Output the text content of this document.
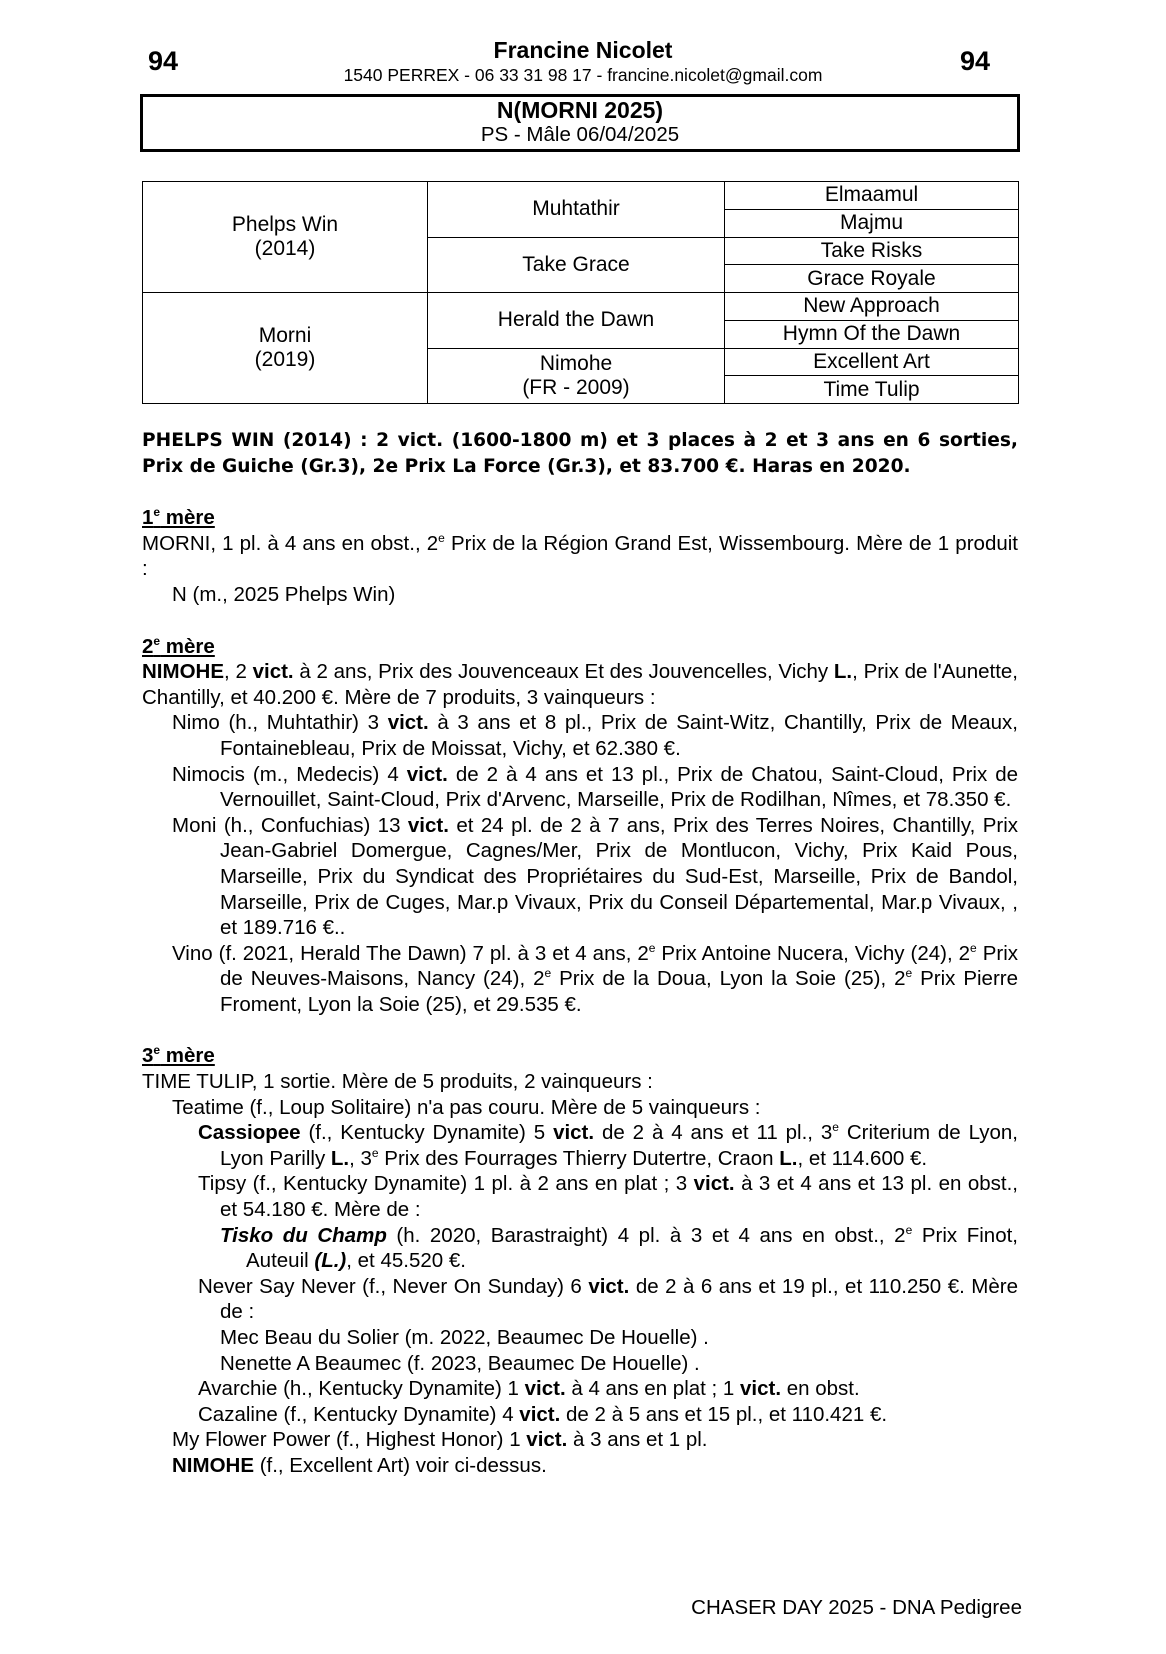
94	94
Francine Nicolet
1540 PERREX - 06 33 31 98 17 - francine.nicolet@gmail.com
N(MORNI 2025)
PS - Mâle 06/04/2025
Phelps Win
(2014)	Muhtathir	Elmaamul
		Majmu
	Take Grace	Take Risks
		Grace Royale
Morni
(2019)	Herald the Dawn	New Approach
		Hymn Of the Dawn
	Nimohe
(FR - 2009)	Excellent Art
		Time Tulip

PHELPS WIN (2014) : 2 vict. (1600-1800 m) et 3 places à 2 et 3 ans en 6 sorties, Prix de Guiche (Gr.3), 2e Prix La Force (Gr.3), et 83.700 €. Haras en 2020.

1e mère

MORNI, 1 pl. à 4 ans en obst., 2e Prix de la Région Grand Est, Wissembourg. Mère de 1 produit :

N (m., 2025 Phelps Win)

2e mère

NIMOHE, 2 vict. à 2 ans, Prix des Jouvenceaux Et des Jouvencelles, Vichy L., Prix de l'Aunette, Chantilly, et 40.200 €. Mère de 7 produits, 3 vainqueurs :

Nimo (h., Muhtathir) 3 vict. à 3 ans et 8 pl., Prix de Saint-Witz, Chantilly, Prix de Meaux, Fontainebleau, Prix de Moissat, Vichy, et 62.380 €.

Nimocis (m., Medecis) 4 vict. de 2 à 4 ans et 13 pl., Prix de Chatou, Saint-Cloud, Prix de Vernouillet, Saint-Cloud, Prix d'Arvenc, Marseille, Prix de Rodilhan, Nîmes, et 78.350 €.

Moni (h., Confuchias) 13 vict. et 24 pl. de 2 à 7 ans, Prix des Terres Noires, Chantilly, Prix Jean-Gabriel Domergue, Cagnes/Mer, Prix de Montlucon, Vichy, Prix Kaid Pous, Marseille, Prix du Syndicat des Propriétaires du Sud-Est, Marseille, Prix de Bandol, Marseille, Prix de Cuges, Mar.p Vivaux, Prix du Conseil Départemental, Mar.p Vivaux, , et 189.716 €..

Vino (f. 2021, Herald The Dawn) 7 pl. à 3 et 4 ans, 2e Prix Antoine Nucera, Vichy (24), 2e Prix de Neuves-Maisons, Nancy (24), 2e Prix de la Doua, Lyon la Soie (25), 2e Prix Pierre Froment, Lyon la Soie (25), et 29.535 €.

3e mère

TIME TULIP, 1 sortie. Mère de 5 produits, 2 vainqueurs :

Teatime (f., Loup Solitaire) n'a pas couru. Mère de 5 vainqueurs :

Cassiopee (f., Kentucky Dynamite) 5 vict. de 2 à 4 ans et 11 pl., 3e Criterium de Lyon, Lyon Parilly L., 3e Prix des Fourrages Thierry Dutertre, Craon L., et 114.600 €.

Tipsy (f., Kentucky Dynamite) 1 pl. à 2 ans en plat ; 3 vict. à 3 et 4 ans et 13 pl. en obst., et 54.180 €. Mère de :

Tisko du Champ (h. 2020, Barastraight) 4 pl. à 3 et 4 ans en obst., 2e Prix Finot, Auteuil (L.), et 45.520 €.

Never Say Never (f., Never On Sunday) 6 vict. de 2 à 6 ans et 19 pl., et 110.250 €. Mère de :

Mec Beau du Solier (m. 2022, Beaumec De Houelle) .

Nenette A Beaumec (f. 2023, Beaumec De Houelle) .

Avarchie (h., Kentucky Dynamite) 1 vict. à 4 ans en plat ; 1 vict. en obst.

Cazaline (f., Kentucky Dynamite) 4 vict. de 2 à 5 ans et 15 pl., et 110.421 €.

My Flower Power (f., Highest Honor) 1 vict. à 3 ans et 1 pl.

NIMOHE (f., Excellent Art) voir ci-dessus.

CHASER DAY 2025 - DNA Pedigree
